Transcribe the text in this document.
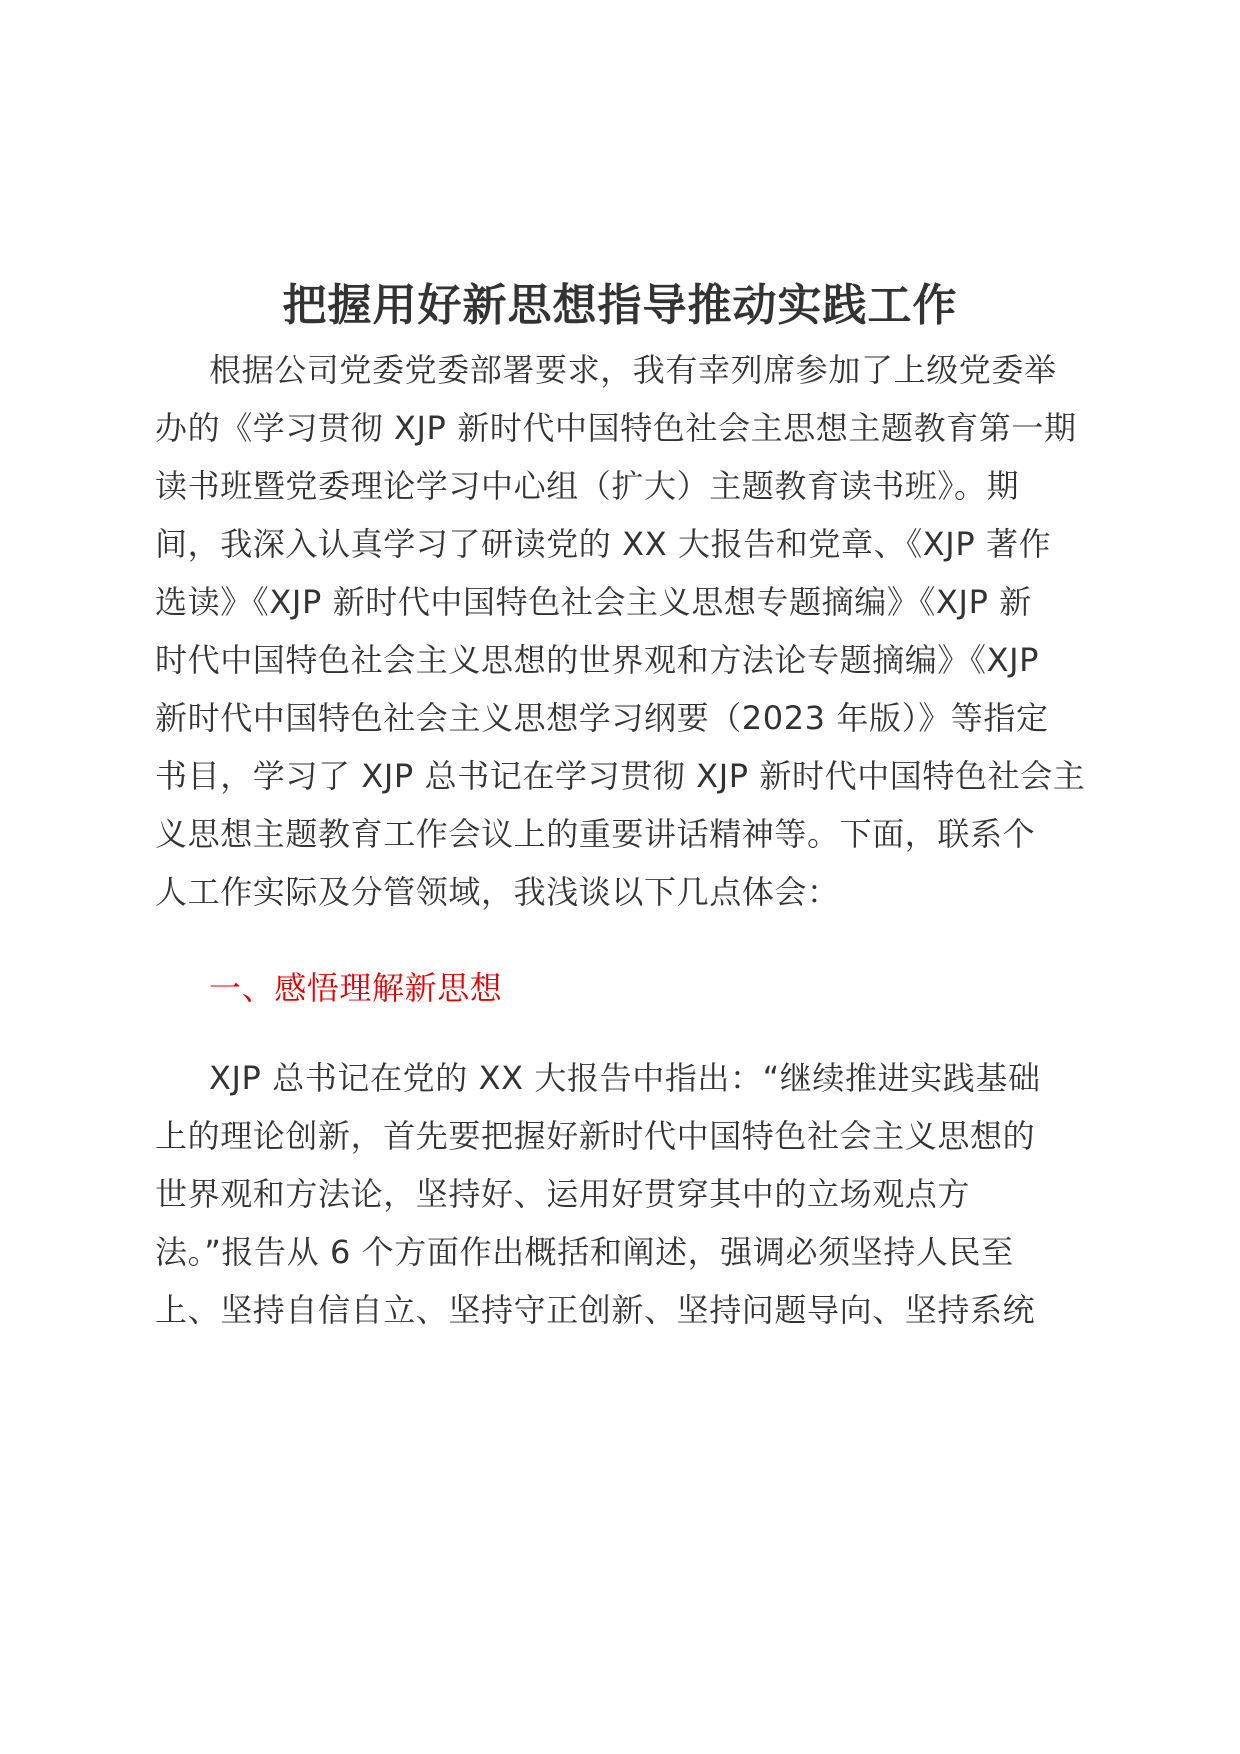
把握用好新思想指导推动实践工作
根据公司党委党委部署要求，我有幸列席参加了上级党委举
办的《学习贯彻 XJP 新时代中国特色社会主思想主题教育第一期
读书班暨党委理论学习中心组（扩大）主题教育读书班》。期
间，我深入认真学习了研读党的 XX 大报告和党章、《XJP 著作
选读》《XJP 新时代中国特色社会主义思想专题摘编》《XJP 新
时代中国特色社会主义思想的世界观和方法论专题摘编》《XJP
新时代中国特色社会主义思想学习纲要（2023 年版）》等指定
书目，学习了 XJP 总书记在学习贯彻 XJP 新时代中国特色社会主
义思想主题教育工作会议上的重要讲话精神等。下面，联系个
人工作实际及分管领域，我浅谈以下几点体会：
一、感悟理解新思想
XJP 总书记在党的 XX 大报告中指出：“继续推进实践基础
上的理论创新，首先要把握好新时代中国特色社会主义思想的
世界观和方法论，坚持好、运用好贯穿其中的立场观点方
法。”报告从 6 个方面作出概括和阐述，强调必须坚持人民至
上、坚持自信自立、坚持守正创新、坚持问题导向、坚持系统
